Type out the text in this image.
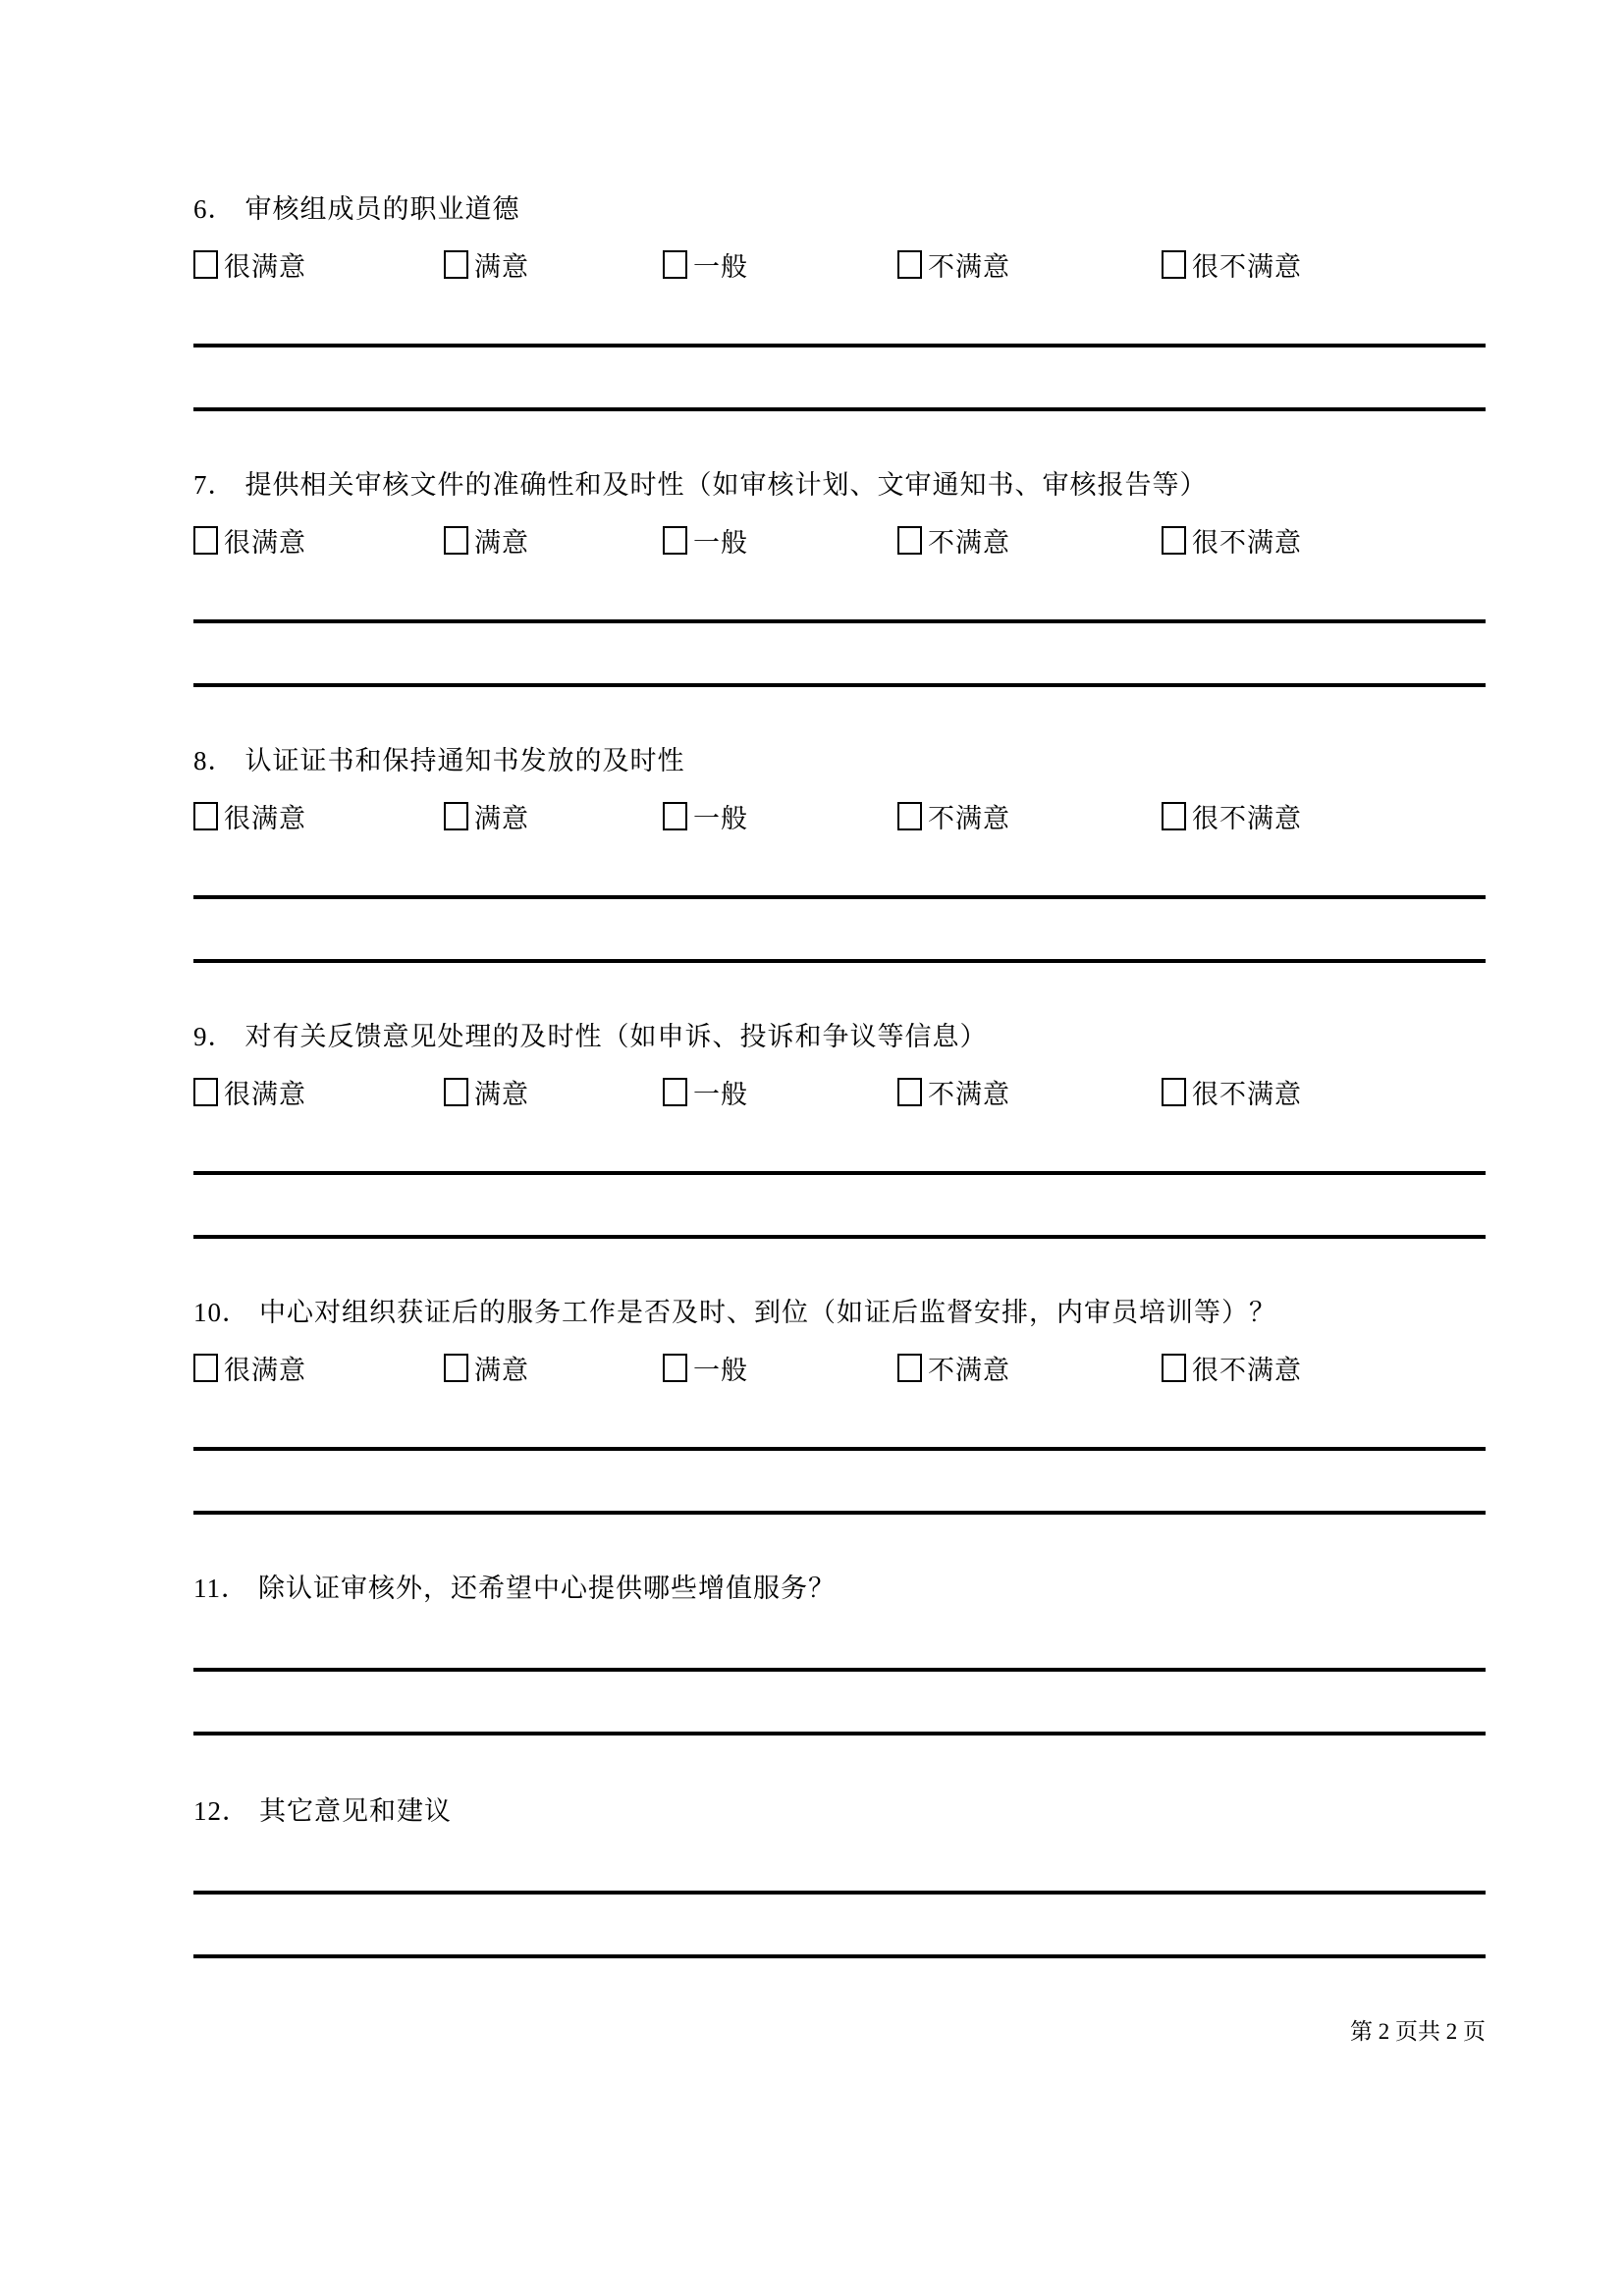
6． 审核组成员的职业道德

很满意	满意	一般	不满意	很不满意

7． 提供相关审核文件的准确性和及时性（如审核计划、文审通知书、审核报告等）

很满意	满意	一般	不满意	很不满意

8． 认证证书和保持通知书发放的及时性

很满意	满意	一般	不满意	很不满意

9． 对有关反馈意见处理的及时性（如申诉、投诉和争议等信息）

很满意	满意	一般	不满意	很不满意

10． 中心对组织获证后的服务工作是否及时、到位（如证后监督安排，内审员培训等）？

很满意	满意	一般	不满意	很不满意

11． 除认证审核外，还希望中心提供哪些增值服务？

12． 其它意见和建议

第 2 页共 2 页
